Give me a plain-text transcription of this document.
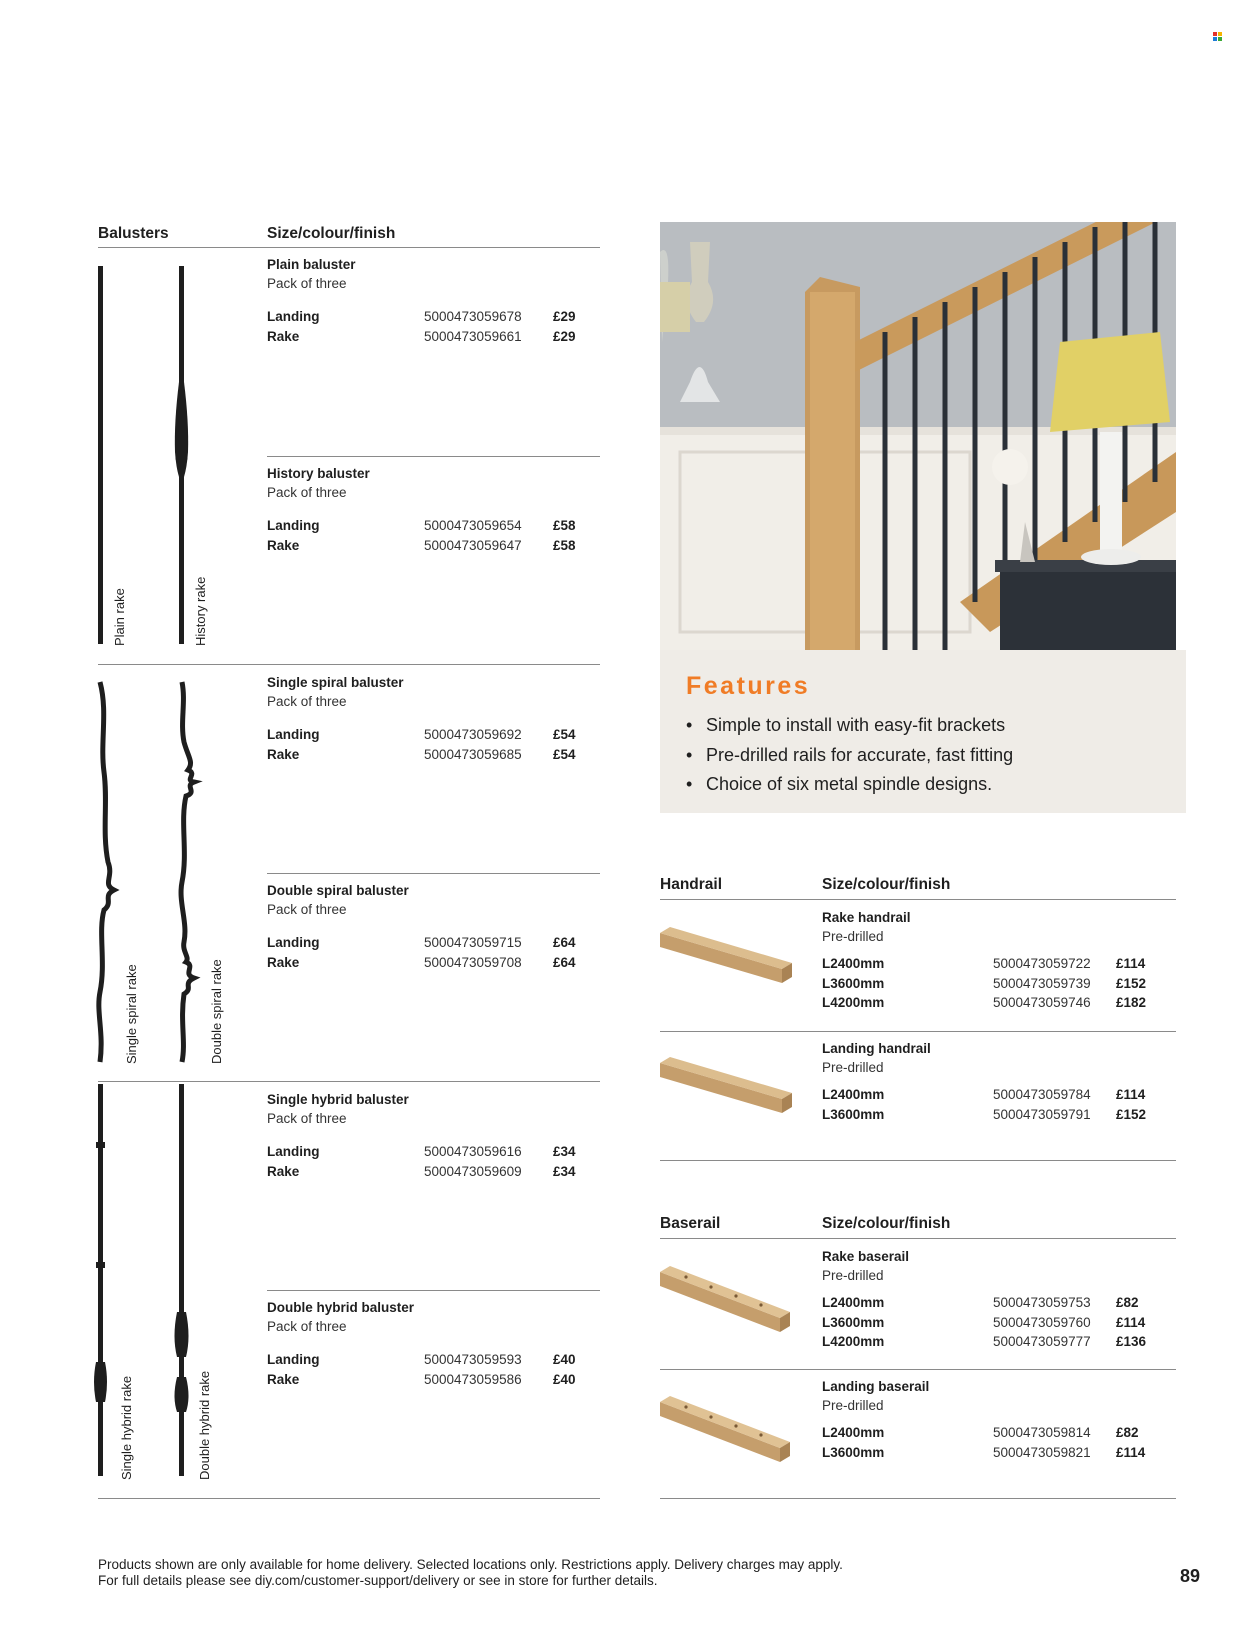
Balusters	Size/colour/finish
Plain rake	History rake
Single spiral rake	Double spiral rake
Single hybrid rake	Double hybrid rake
Plain baluster
Pack of three
Landing	5000473059678 £29
Rake	5000473059661 £29
History baluster
Pack of three
Landing	5000473059654 £58
Rake	5000473059647 £58
Single spiral baluster
Pack of three
Landing	5000473059692 £54
Rake	5000473059685 £54
Double spiral baluster
Pack of three
Landing	5000473059715 £64
Rake	5000473059708 £64
Single hybrid baluster
Pack of three
Landing	5000473059616 £34
Rake	5000473059609 £34
Double hybrid baluster
Pack of three
Landing	5000473059593 £40
Rake	5000473059586 £40
Features
• Simple to install with easy-fit brackets
• Pre-drilled rails for accurate, fast fitting
• Choice of six metal spindle designs.
Handrail	Size/colour/finish
Rake handrail
Pre-drilled
L2400mm	5000473059722 £114
L3600mm	5000473059739 £152
L4200mm	5000473059746 £182
Landing handrail
Pre-drilled
L2400mm	5000473059784 £114
L3600mm	5000473059791 £152
Baserail	Size/colour/finish
Rake baserail
Pre-drilled
L2400mm	5000473059753 £82
L3600mm	5000473059760 £114
L4200mm	5000473059777 £136
Landing baserail
Pre-drilled
L2400mm	5000473059814 £82
L3600mm	5000473059821 £114
Products shown are only available for home delivery. Selected locations only. Restrictions apply. Delivery charges may apply.
For full details please see diy.com/customer-support/delivery or see in store for further details.	89
